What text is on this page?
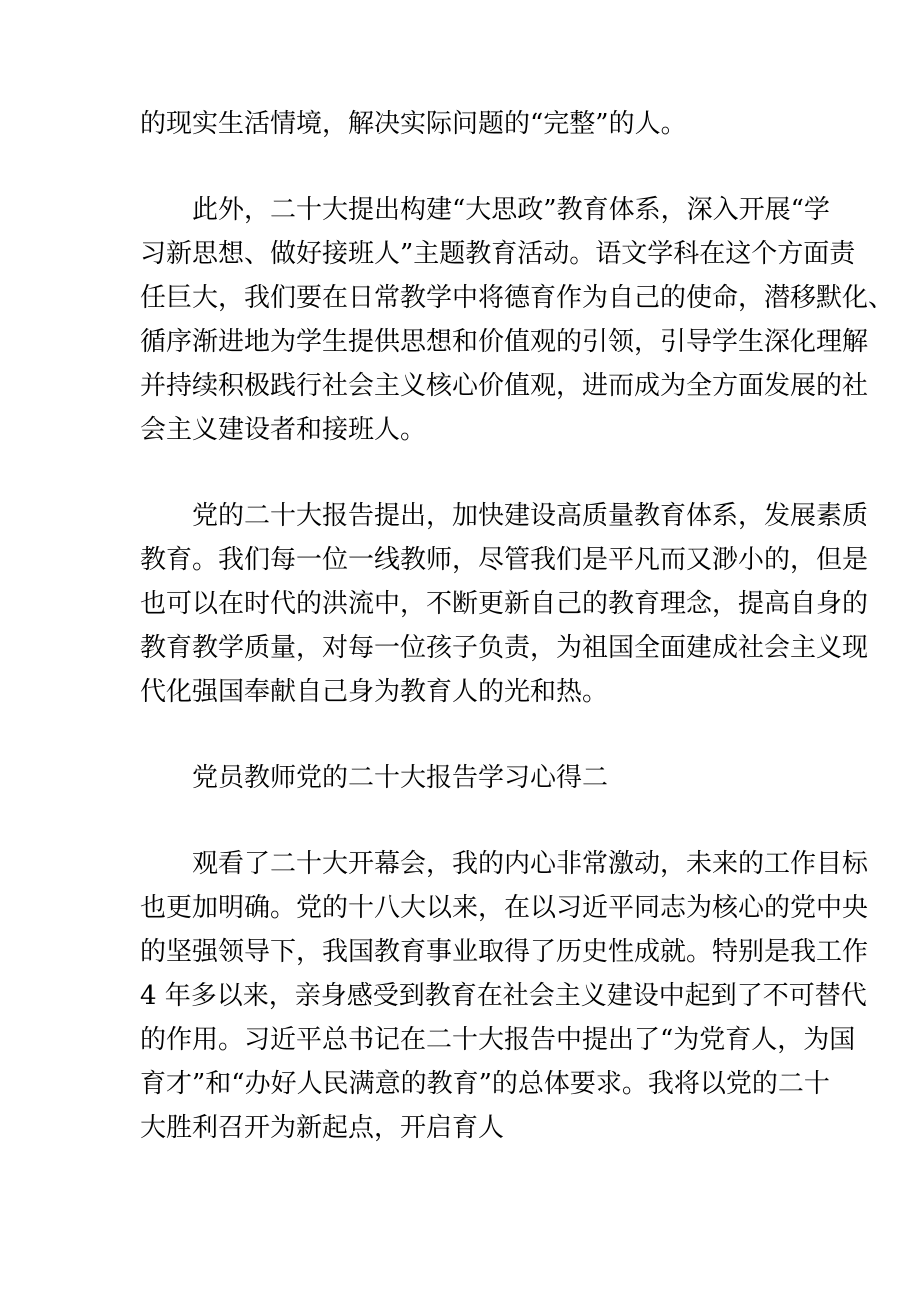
的现实生活情境，解决实际问题的“完整”的人。
此外，二十大提出构建“大思政”教育体系，深入开展“学
习新思想、做好接班人”主题教育活动。语文学科在这个方面责
任巨大，我们要在日常教学中将德育作为自己的使命，潜移默化、
循序渐进地为学生提供思想和价值观的引领，引导学生深化理解
并持续积极践行社会主义核心价值观，进而成为全方面发展的社
会主义建设者和接班人。
党的二十大报告提出，加快建设高质量教育体系，发展素质
教育。我们每一位一线教师，尽管我们是平凡而又渺小的，但是
也可以在时代的洪流中，不断更新自己的教育理念，提高自身的
教育教学质量，对每一位孩子负责，为祖国全面建成社会主义现
代化强国奉献自己身为教育人的光和热。
党员教师党的二十大报告学习心得二
观看了二十大开幕会，我的内心非常激动，未来的工作目标
也更加明确。党的十八大以来，在以习近平同志为核心的党中央
的坚强领导下，我国教育事业取得了历史性成就。特别是我工作
4 年多以来，亲身感受到教育在社会主义建设中起到了不可替代
的作用。习近平总书记在二十大报告中提出了“为党育人，为国
育才”和“办好人民满意的教育”的总体要求。我将以党的二十
大胜利召开为新起点，开启育人
